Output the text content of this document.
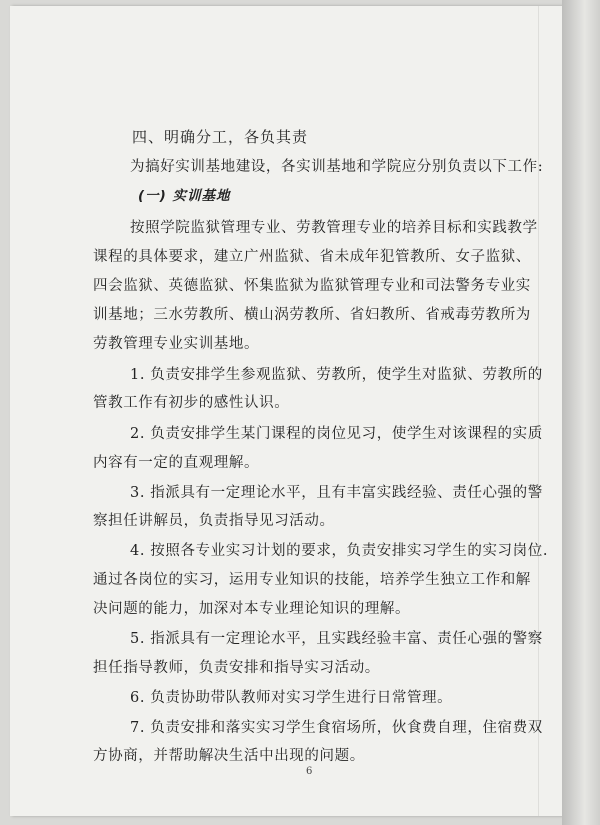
四、明确分工，各负其责
为搞好实训基地建设，各实训基地和学院应分别负责以下工作:
(一) 实训基地
按照学院监狱管理专业、劳教管理专业的培养目标和实践教学
课程的具体要求，建立广州监狱、省未成年犯管教所、女子监狱、
四会监狱、英德监狱、怀集监狱为监狱管理专业和司法警务专业实
训基地；三水劳教所、横山涡劳教所、省妇教所、省戒毒劳教所为
劳教管理专业实训基地。
1. 负责安排学生参观监狱、劳教所，使学生对监狱、劳教所的
管教工作有初步的感性认识。
2. 负责安排学生某门课程的岗位见习，使学生对该课程的实质
内容有一定的直观理解。
3. 指派具有一定理论水平，且有丰富实践经验、责任心强的警
察担任讲解员，负责指导见习活动。
4. 按照各专业实习计划的要求，负责安排实习学生的实习岗位.
通过各岗位的实习，运用专业知识的技能，培养学生独立工作和解
决问题的能力，加深对本专业理论知识的理解。
5. 指派具有一定理论水平，且实践经验丰富、责任心强的警察
担任指导教师，负责安排和指导实习活动。
6. 负责协助带队教师对实习学生进行日常管理。
7. 负责安排和落实实习学生食宿场所，伙食费自理，住宿费双
方协商，并帮助解决生活中出现的问题。
6
